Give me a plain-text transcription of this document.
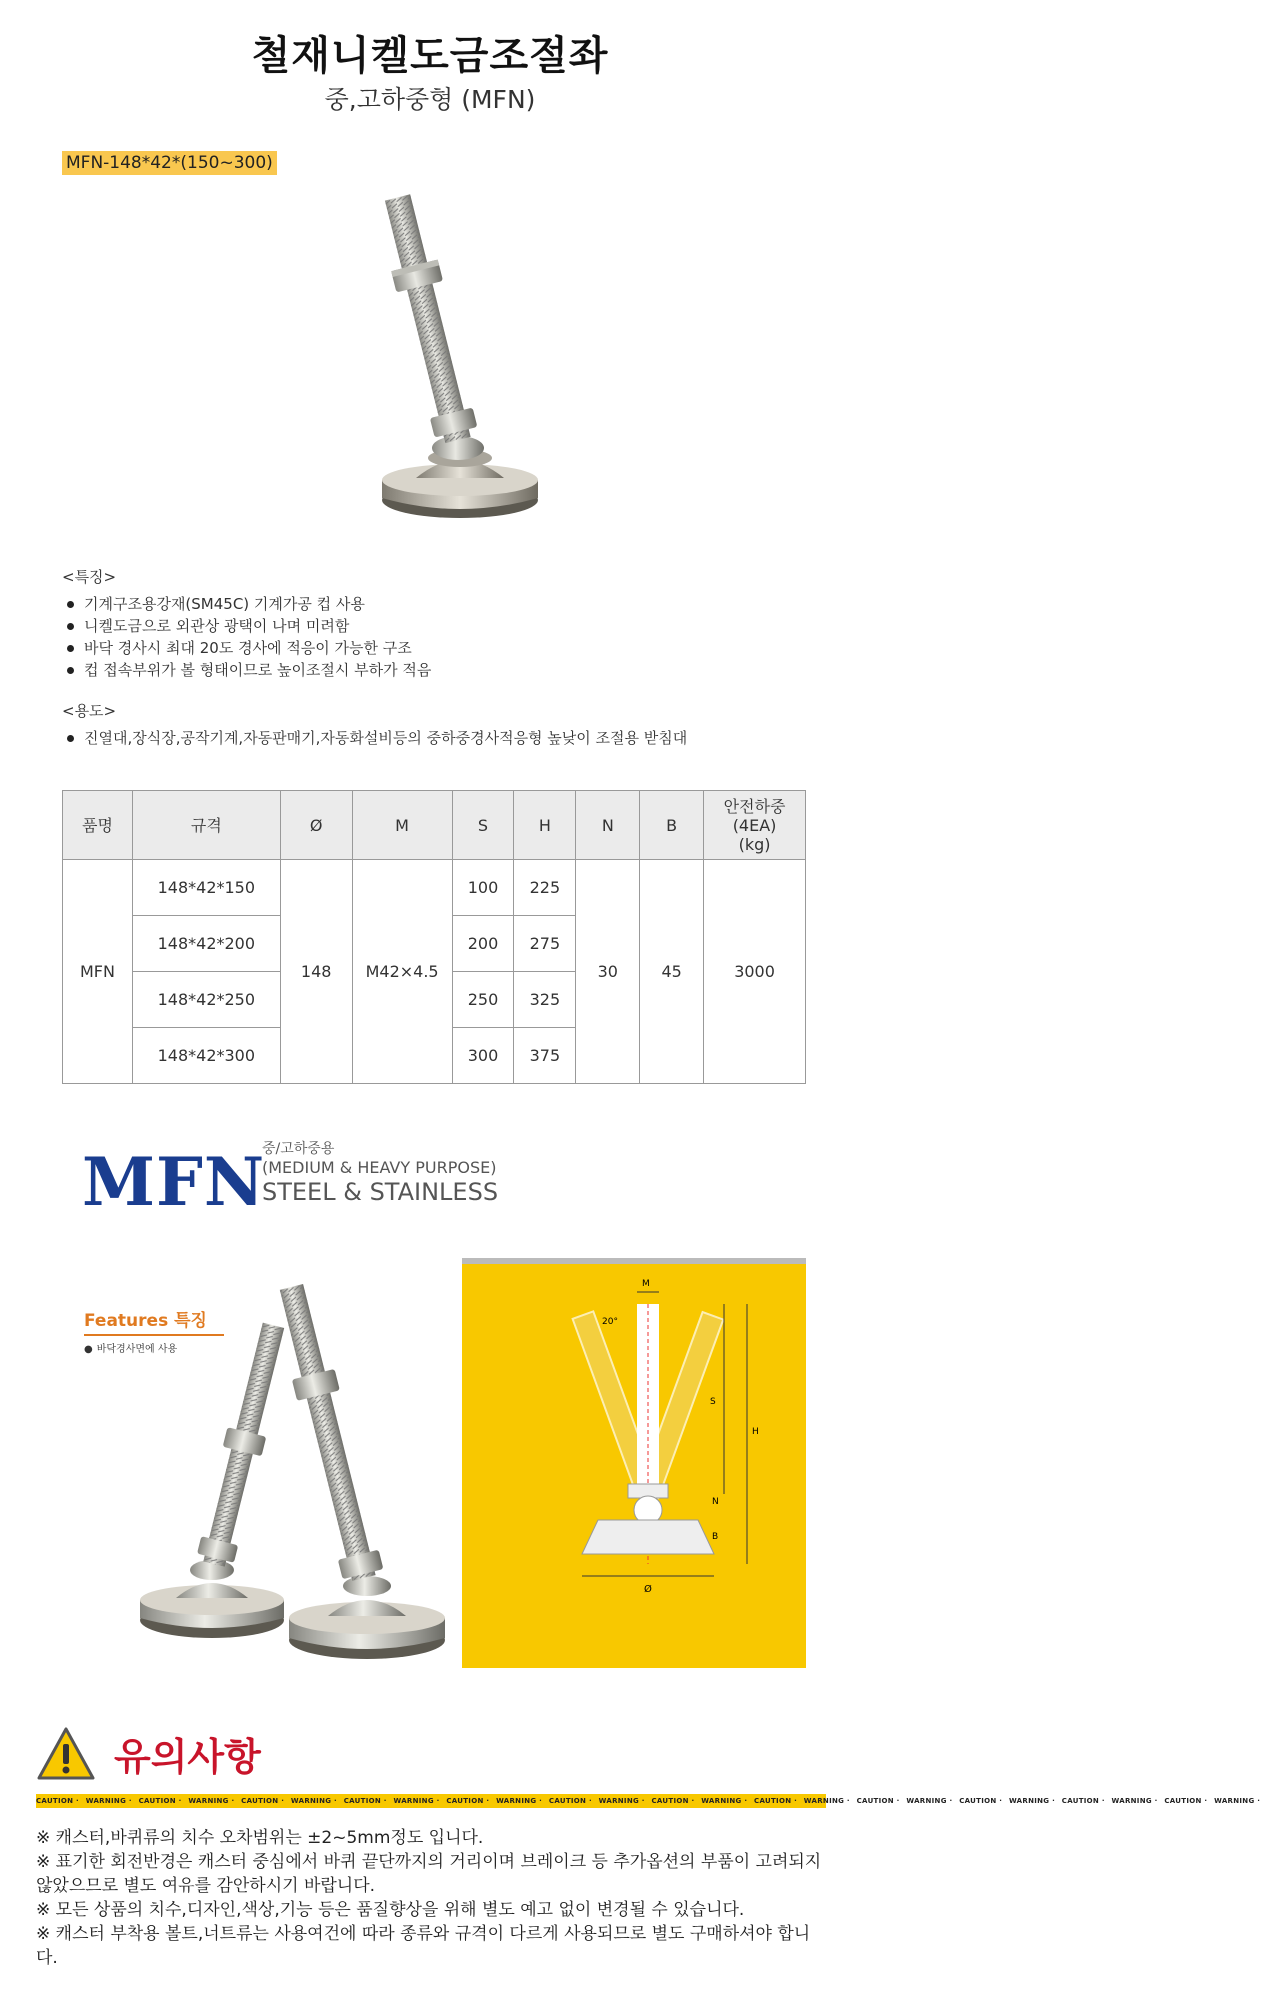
철재니켈도금조절좌
중,고하중형 (MFN)
MFN-148*42*(150~300)
<특징>
기계구조용강재(SM45C) 기계가공 컵 사용
니켈도금으로 외관상 광택이 나며 미려함
바닥 경사시 최대 20도 경사에 적응이 가능한 구조
컵 접속부위가 볼 형태이므로 높이조절시 부하가 적음
<용도>
진열대,장식장,공작기계,자동판매기,자동화설비등의 중하중경사적응형 높낮이 조절용 받침대
품명	규격	Ø	M	S	H	N	B	안전하중
(4EA)
(kg)

MFN	148*42*150	148	M42×4.5	100	225	30	45	3000
	148*42*200			200	275			
	148*42*250			250	325			
	148*42*300			300	375			
MFN
중/고하중용
(MEDIUM & HEAVY PURPOSE)
STEEL & STAINLESS
Features 특징
● 바닥경사면에 사용
M
20°
S
H
N
B
Ø
유의사항
CAUTION · WARNING · CAUTION · WARNING · CAUTION · WARNING · CAUTION · WARNING · CAUTION · WARNING · CAUTION · WARNING · CAUTION · WARNING · CAUTION · WARNING · CAUTION · WARNING · CAUTION · WARNING · CAUTION · WARNING · CAUTION · WARNING ·
※ 캐스터,바퀴류의 치수 오차범위는 ±2~5mm정도 입니다.
※ 표기한 회전반경은 캐스터 중심에서 바퀴 끝단까지의 거리이며 브레이크 등 추가옵션의 부품이 고려되지 않았으므로 별도 여유를 감안하시기 바랍니다.
※ 모든 상품의 치수,디자인,색상,기능 등은 품질향상을 위해 별도 예고 없이 변경될 수 있습니다.
※ 캐스터 부착용 볼트,너트류는 사용여건에 따라 종류와 규격이 다르게 사용되므로 별도 구매하셔야 합니다.
